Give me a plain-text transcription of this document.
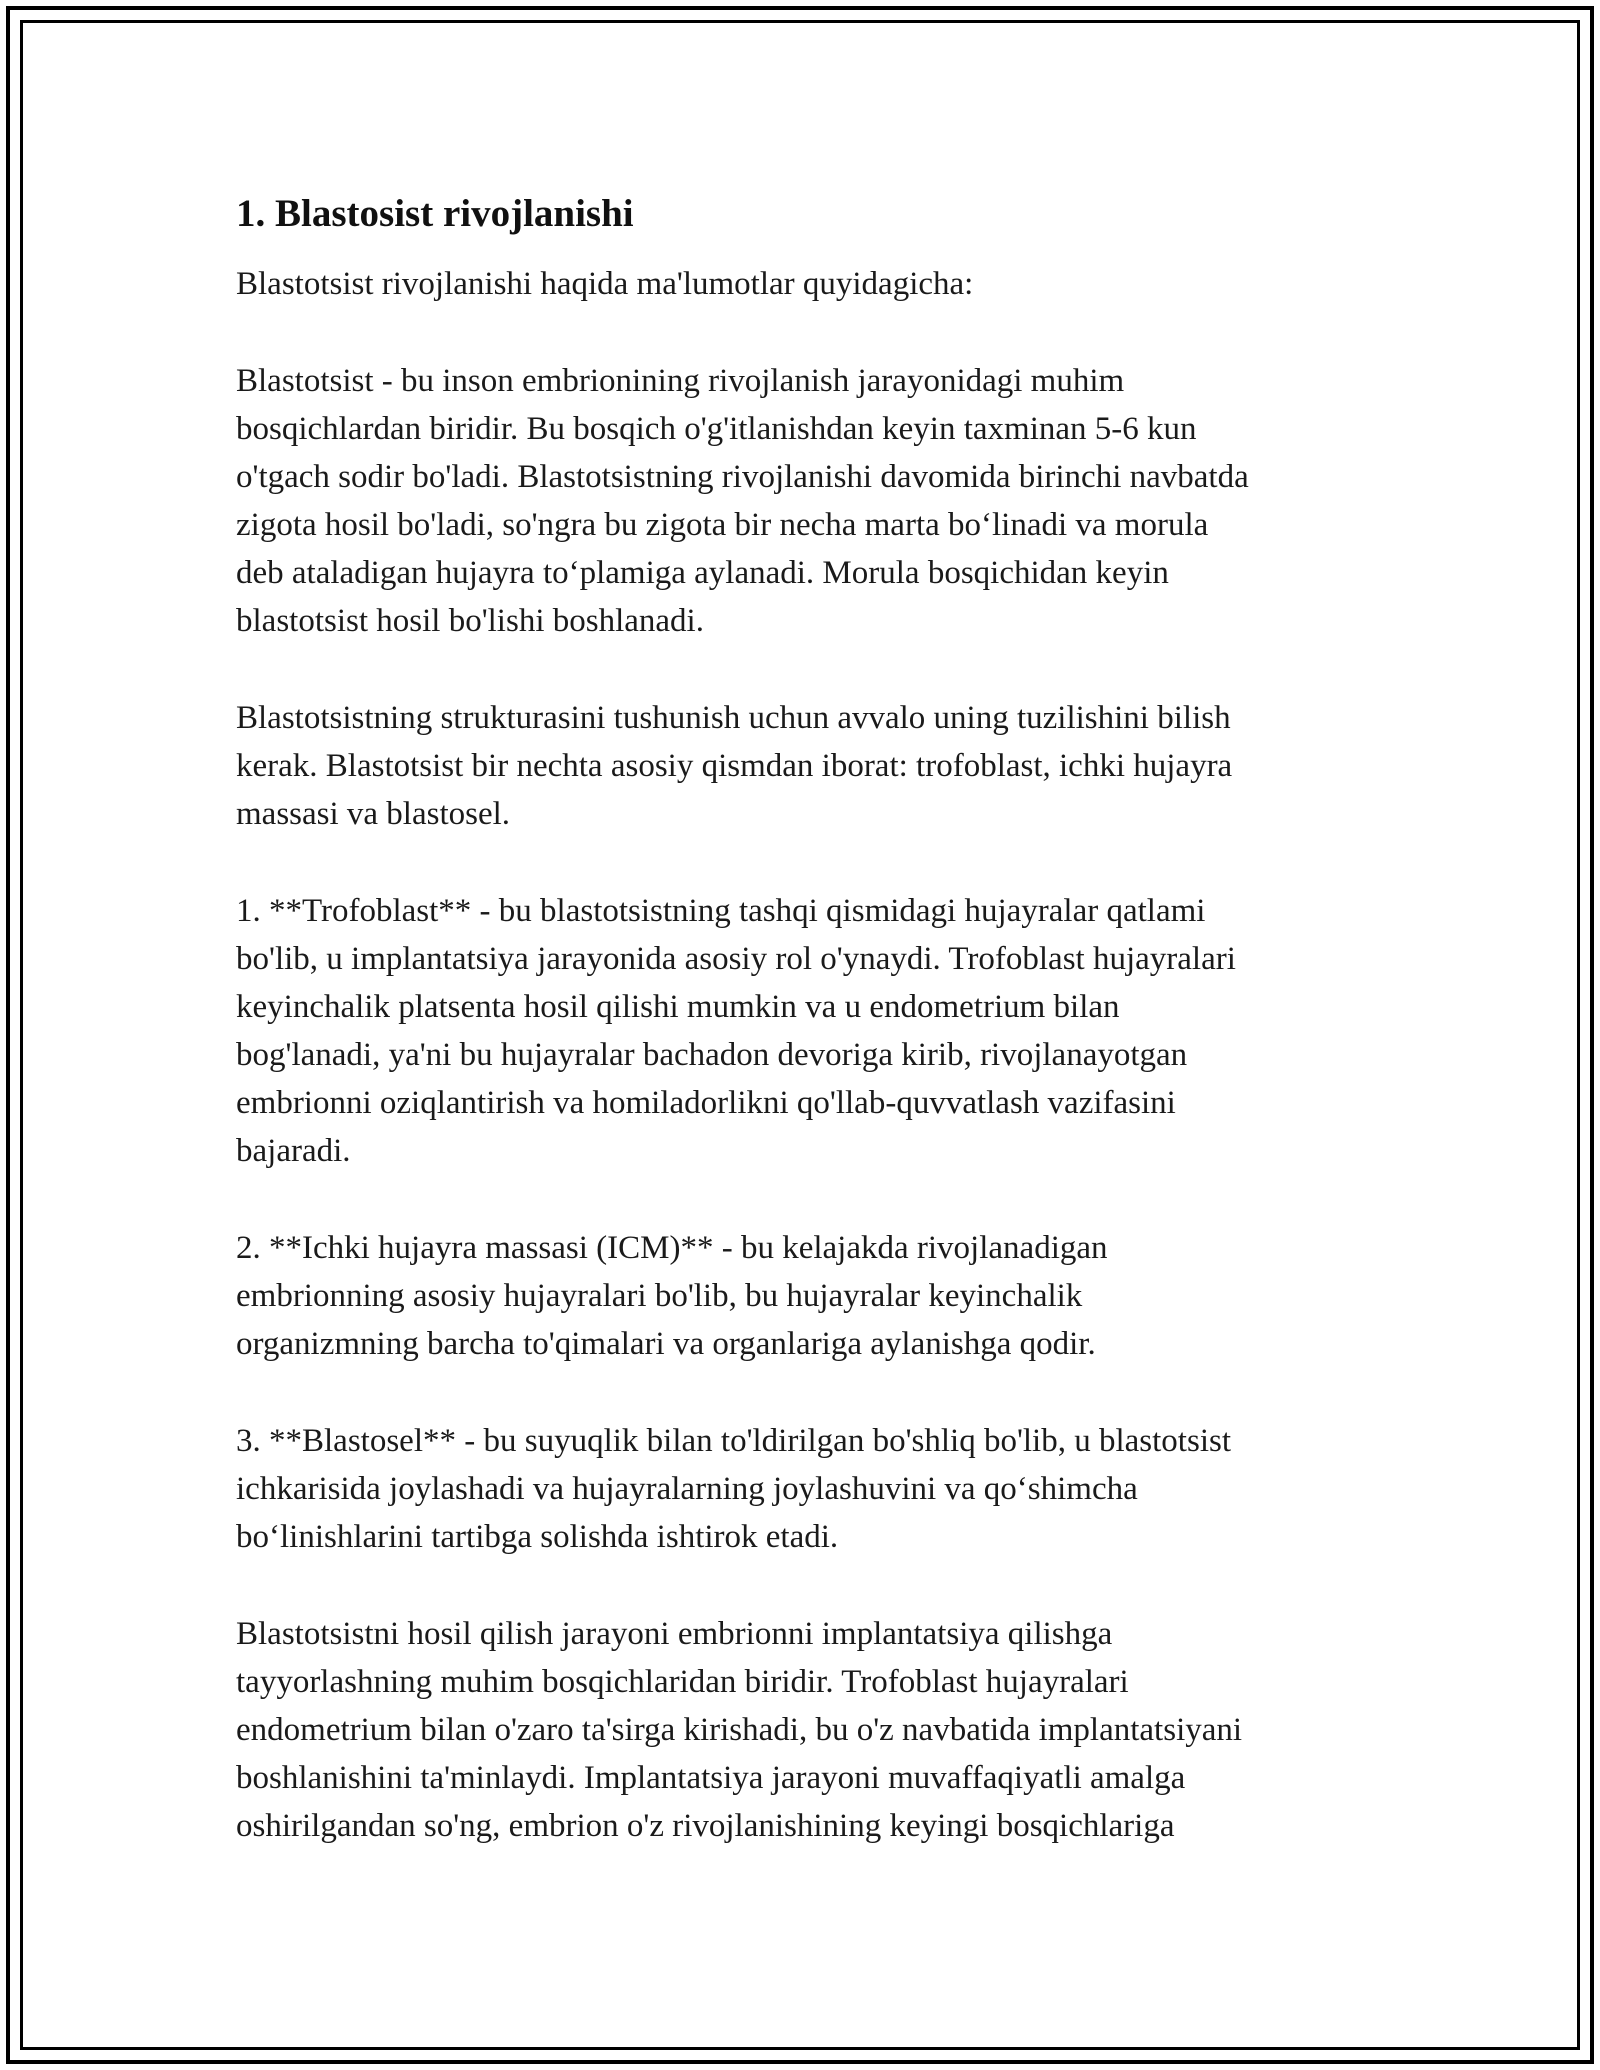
1. Blastosist rivojlanishi
Blastotsist rivojlanishi haqida ma'lumotlar quyidagicha:
Blastotsist - bu inson embrionining rivojlanish jarayonidagi muhim
bosqichlardan biridir. Bu bosqich o'g'itlanishdan keyin taxminan 5-6 kun
o'tgach sodir bo'ladi. Blastotsistning rivojlanishi davomida birinchi navbatda
zigota hosil bo'ladi, so'ngra bu zigota bir necha marta bo‘linadi va morula
deb ataladigan hujayra to‘plamiga aylanadi. Morula bosqichidan keyin
blastotsist hosil bo'lishi boshlanadi.
Blastotsistning strukturasini tushunish uchun avvalo uning tuzilishini bilish
kerak. Blastotsist bir nechta asosiy qismdan iborat: trofoblast, ichki hujayra
massasi va blastosel.
1. **Trofoblast** - bu blastotsistning tashqi qismidagi hujayralar qatlami
bo'lib, u implantatsiya jarayonida asosiy rol o'ynaydi. Trofoblast hujayralari
keyinchalik platsenta hosil qilishi mumkin va u endometrium bilan
bog'lanadi, ya'ni bu hujayralar bachadon devoriga kirib, rivojlanayotgan
embrionni oziqlantirish va homiladorlikni qo'llab-quvvatlash vazifasini
bajaradi.
2. **Ichki hujayra massasi (ICM)** - bu kelajakda rivojlanadigan
embrionning asosiy hujayralari bo'lib, bu hujayralar keyinchalik
organizmning barcha to'qimalari va organlariga aylanishga qodir.
3. **Blastosel** - bu suyuqlik bilan to'ldirilgan bo'shliq bo'lib, u blastotsist
ichkarisida joylashadi va hujayralarning joylashuvini va qo‘shimcha
bo‘linishlarini tartibga solishda ishtirok etadi.
Blastotsistni hosil qilish jarayoni embrionni implantatsiya qilishga
tayyorlashning muhim bosqichlaridan biridir. Trofoblast hujayralari
endometrium bilan o'zaro ta'sirga kirishadi, bu o'z navbatida implantatsiyani
boshlanishini ta'minlaydi. Implantatsiya jarayoni muvaffaqiyatli amalga
oshirilgandan so'ng, embrion o'z rivojlanishining keyingi bosqichlariga
